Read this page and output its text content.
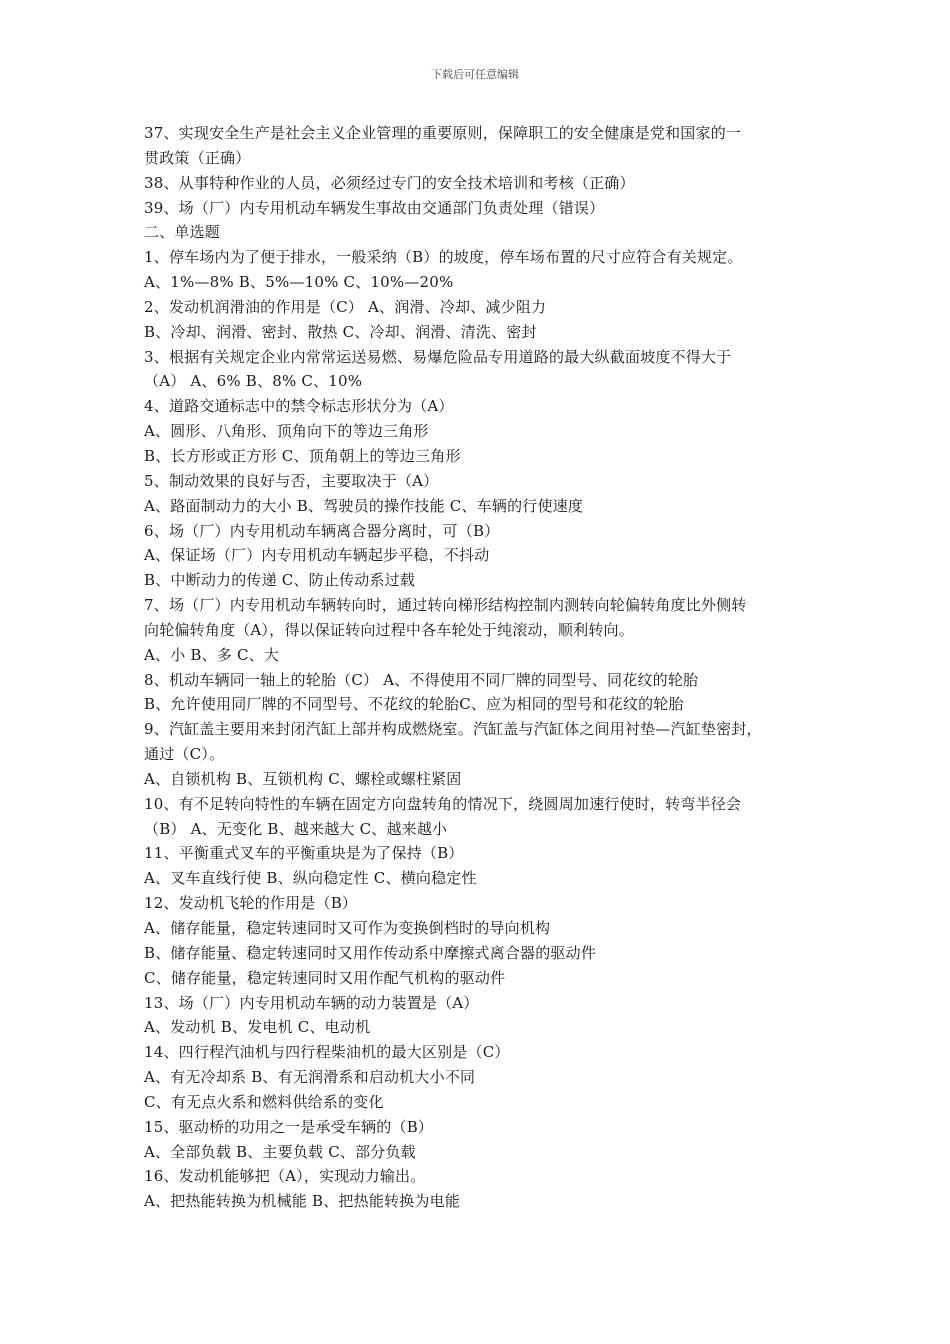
下载后可任意编辑
37、实现安全生产是社会主义企业管理的重要原则，保障职工的安全健康是党和国家的一
贯政策（正确）
38、从事特种作业的人员，必须经过专门的安全技术培训和考核（正确）
39、场（厂）内专用机动车辆发生事故由交通部门负责处理（错误）
二、单选题
1、停车场内为了便于排水，一般采纳（B）的坡度，停车场布置的尺寸应符合有关规定。
A、1%—8% B、5%—10% C、10%—20%
2、发动机润滑油的作用是（C） A、润滑、冷却、减少阻力
B、冷却、润滑、密封、散热 C、冷却、润滑、清洗、密封
3、根据有关规定企业内常常运送易燃、易爆危险品专用道路的最大纵截面坡度不得大于
（A） A、6% B、8% C、10%
4、道路交通标志中的禁令标志形状分为（A）
A、圆形、八角形、顶角向下的等边三角形
B、长方形或正方形 C、顶角朝上的等边三角形
5、制动效果的良好与否，主要取决于（A）
A、路面制动力的大小 B、驾驶员的操作技能 C、车辆的行使速度
6、场（厂）内专用机动车辆离合器分离时，可（B）
A、保证场（厂）内专用机动车辆起步平稳，不抖动
B、中断动力的传递 C、防止传动系过载
7、场（厂）内专用机动车辆转向时，通过转向梯形结构控制内测转向轮偏转角度比外侧转
向轮偏转角度（A），得以保证转向过程中各车轮处于纯滚动，顺利转向。
A、小 B、多 C、大
8、机动车辆同一轴上的轮胎（C） A、不得使用不同厂牌的同型号、同花纹的轮胎
B、允许使用同厂牌的不同型号、不花纹的轮胎C、应为相同的型号和花纹的轮胎
9、汽缸盖主要用来封闭汽缸上部并构成燃烧室。汽缸盖与汽缸体之间用衬垫—汽缸垫密封，
通过（C）。
A、自锁机构 B、互锁机构 C、螺栓或螺柱紧固
10、有不足转向特性的车辆在固定方向盘转角的情况下，绕圆周加速行使时，转弯半径会
（B） A、无变化 B、越来越大 C、越来越小
11、平衡重式叉车的平衡重块是为了保持（B）
A、叉车直线行使 B、纵向稳定性 C、横向稳定性
12、发动机飞轮的作用是（B）
A、储存能量，稳定转速同时又可作为变换倒档时的导向机构
B、储存能量、稳定转速同时又用作传动系中摩擦式离合器的驱动件
C、储存能量，稳定转速同时又用作配气机构的驱动件
13、场（厂）内专用机动车辆的动力装置是（A）
A、发动机 B、发电机 C、电动机
14、四行程汽油机与四行程柴油机的最大区别是（C）
A、有无冷却系 B、有无润滑系和启动机大小不同
C、有无点火系和燃料供给系的变化
15、驱动桥的功用之一是承受车辆的（B）
A、全部负载 B、主要负载 C、部分负载
16、发动机能够把（A），实现动力输出。
A、把热能转换为机械能 B、把热能转换为电能
